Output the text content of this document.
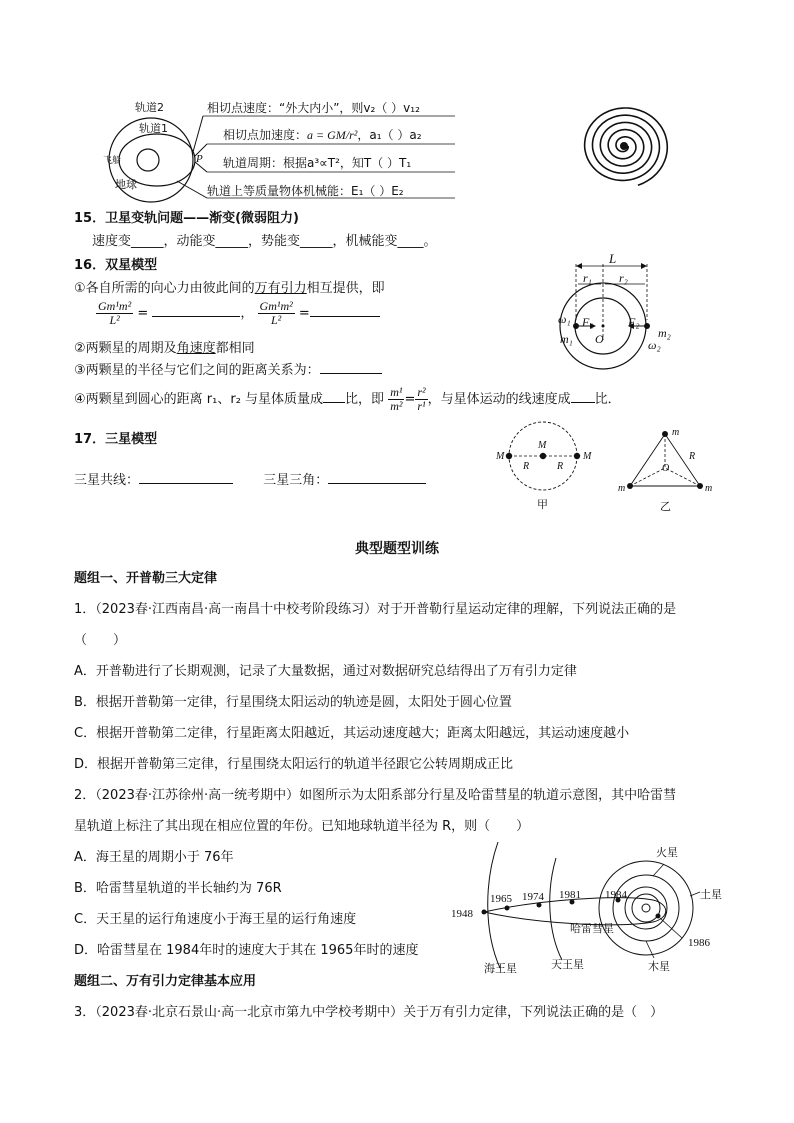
轨道2
轨道1
飞船
地球
P
相切点速度：“外大内小”，则v₂（ ）v₁₂
相切点加速度：a = GM/r²，a₁（ ）a₂
轨道周期：根据a³∝T²，知T（ ）T₁
轨道上等质量物体机械能：E₁（ ）E₂
15．卫星变轨问题——渐变(微弱阻力)
速度变_____，动能变_____，势能变_____，机械能变____。
16．双星模型
①各自所需的向心力由彼此间的万有引力相互提供，即
$\frac{\text{Gm¹m²}}{\text{L²}}$ =	， $\frac{\text{Gm¹m²}}{\text{L²}}$ =
②两颗星的周期及角速度都相同
③两颗星的半径与它们之间的距离关系为：
④两颗星到圆心的距离 r₁、r₂ 与星体质量成 比，即 $\frac{\text{m¹}}{\text{m²}} = \frac{\text{r²}}{\text{r¹}}$ ，与星体运动的线速度成 比．
L
r₁ r₂
F₁	F₂
O
m₁	m₂
ω₁
ω₂
17．三星模型
三星共线：	三星三角：
M
M
M
R	R
甲
m
m	m
R
O
乙
典型题型训练
题组一、开普勒三大定律
1．（2023春·江西南昌·高一南昌十中校考阶段练习）对于开普勒行星运动定律的理解，下列说法正确的是
（　　）
A．开普勒进行了长期观测，记录了大量数据，通过对数据研究总结得出了万有引力定律
B．根据开普勒第一定律，行星围绕太阳运动的轨迹是圆，太阳处于圆心位置
C．根据开普勒第二定律，行星距离太阳越近，其运动速度越大；距离太阳越远，其运动速度越小
D．根据开普勒第三定律，行星围绕太阳运行的轨道半径跟它公转周期成正比
2．（2023春·江苏徐州·高一统考期中）如图所示为太阳系部分行星及哈雷彗星的轨道示意图，其中哈雷彗
星轨道上标注了其出现在相应位置的年份。已知地球轨道半径为 R，则（　　）
A．海王星的周期小于 76年
B．哈雷彗星轨道的半长轴约为 76R
C．天王星的运行角速度小于海王星的运行角速度
D．哈雷彗星在 1984年时的速度大于其在 1965年时的速度
题组二、万有引力定律基本应用
3．（2023春·北京石景山·高一北京市第九中学校考期中）关于万有引力定律，下列说法正确的是（　）
1948
1965 1974 1981 1984
1986
火星
土星
哈雷彗星
木星
海王星	天王星
